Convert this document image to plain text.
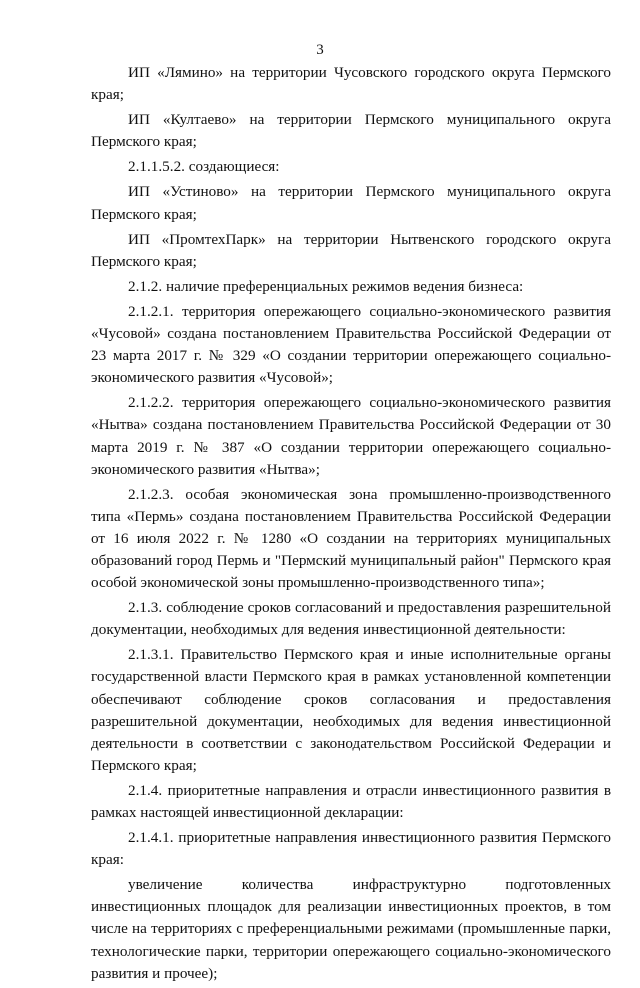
3

ИП «Лямино» на территории Чусовского городского округа Пермского края;

ИП «Култаево» на территории Пермского муниципального округа Пермского края;

2.1.1.5.2. создающиеся:

ИП «Устиново» на территории Пермского муниципального округа Пермского края;

ИП «ПромтехПарк» на территории Нытвенского городского округа Пермского края;

2.1.2. наличие преференциальных режимов ведения бизнеса:

2.1.2.1. территория опережающего социально-экономического развития «Чусовой» создана постановлением Правительства Российской Федерации от 23 марта 2017 г. № 329 «О создании территории опережающего социально-экономического развития «Чусовой»;

2.1.2.2. территория опережающего социально-экономического развития «Нытва» создана постановлением Правительства Российской Федерации от 30 марта 2019 г. № 387 «О создании территории опережающего социально-экономического развития «Нытва»;

2.1.2.3. особая экономическая зона промышленно-производственного типа «Пермь» создана постановлением Правительства Российской Федерации от 16 июля 2022 г. № 1280 «О создании на территориях муниципальных образований город Пермь и "Пермский муниципальный район" Пермского края особой экономической зоны промышленно-производственного типа»;

2.1.3. соблюдение сроков согласований и предоставления разрешительной документации, необходимых для ведения инвестиционной деятельности:

2.1.3.1. Правительство Пермского края и иные исполнительные органы государственной власти Пермского края в рамках установленной компетенции обеспечивают соблюдение сроков согласования и предоставления разрешительной документации, необходимых для ведения инвестиционной деятельности в соответствии с законодательством Российской Федерации и Пермского края;

2.1.4. приоритетные направления и отрасли инвестиционного развития в рамках настоящей инвестиционной декларации:

2.1.4.1. приоритетные направления инвестиционного развития Пермского края:

увеличение количества инфраструктурно подготовленных инвестиционных площадок для реализации инвестиционных проектов, в том числе на территориях с преференциальными режимами (промышленные парки, технологические парки, территории опережающего социально-экономического развития и прочее);
